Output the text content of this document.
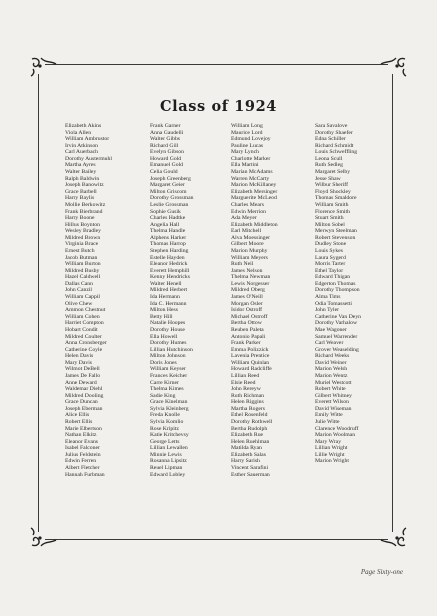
Class of 1924
Elizabeth Akins
Viola Allen
William Ambrustor
Irvin Atkinson
Carl Auerbach
Dorothy Austermuhl
Martha Ayres
Walter Bailey
Ralph Baldwin
Joseph Banowitz
Grace Barbell
Harry Baylis
Mollie Berkowitz
Frank Bierbrand
Harry Boone
Hillus Boynton
Wesley Bradley
Mildred Brown
Virginia Brace
Ernest Butch
Jacob Butman
William Burton
Mildred Busby
Hazel Caldwell
Dallas Cann
John Canzil
William Cappil
Olive Chew
Ammon Chestnut
William Cohen
Harriet Compton
Hobart Condit
Mildred Coulter
Anna Cronsberger
Catherine Coyle
Helen Davis
Mary Davis
Wilmot DeBell
James De Fallo
Anne Deward
Waldemar Diehl
Mildred Dooling
Grace Duncan
Joseph Eberman
Alice Ellis
Robert Ellis
Marie Elbertson
Nathan Elkitz
Eleanor Evans
Isabel Falconer
Julius Feldstein
Edwin Ferren
Albert Fletcher
Hannah Furbman
Frank Garner
Anna Gaudelli
Walter Gibbs
Richard Gill
Evelyn Gibson
Howard Gold
Emanuel Gold
Celia Gould
Joseph Greenberg
Margaret Geier
Milton Griscom
Dorothy Grossman
Leslie Grossman
Sophie Gusik
Charles Hadtke
Angelia Hall
Thelma Handle
Alphens Harker
Thomas Harrop
Stephen Harding
Estelle Hayden
Eleanor Hedrick
Everett Hemphill
Kenny Hendricks
Walter Henell
Mildred Herbert
Ida Hermann
Ida C. Hermann
Milton Hess
Betty Hill
Natalie Hoopes
Dorothy House
Ella Howell
Dorothy Humes
Lillian Hutchinson
Milton Johnson
Doris Jones
William Keyser
Frances Keicher
Carre Kirner
Thelma Kimes
Sadie King
Grace Kinelman
Sylvia Kleinberg
Freda Knolle
Sylvia Komlio
Rose Kripitz
Katie Kritchevsy
George Letts
Lillian Lewallen
Minnie Lewis
Rosanna Lipsitz
Reuel Lipman
Edward Lobley
William Long
Maurice Lord
Edmund Lovejoy
Pauline Lucas
Mary Lynch
Charlotte Marker
Ella Martini
Marian McAdams
Warren McCarty
Marion McKillaney
Elizabeth Mersinger
Marguerite McLeod
Charles Mears
Edwin Merrion
Ada Meyer
Elizabeth Middleton
Earl Mitchell
Alva Moessinger
Gilbert Moore
Marion Murphy
William Meyers
Ruth Neil
James Nelson
Thelma Newman
Lewis Norgesser
Mildred Oberg
James O'Neill
Morgan Osler
Isidor Ostroff
Michael Ostroff
Bertha Ottow
Reuben Paleta
Antonio Papali
Frank Parker
Emma Polizzick
Lavenia Prentice
William Quinlan
Howard Radcliffe
Lillian Reed
Elsie Reed
John Rereyw
Ruth Richman
Helen Riggins
Martha Rogers
Ethel Rosenfeld
Dorothy Rothwell
Bertha Rudolph
Elizabeth Rue
Helen Ruehlman
Matilda Ryan
Elizabeth Salas
Harry Sarish
Vincent Sarafini
Esther Sauerman
Sara Savalove
Dorothy Shaefer
Edna Schiller
Richard Schmidt
Louis Schweffling
Leona Scull
Ruth Sedleg
Margaret Selby
Jesse Shaw
Wilbur Sheriff
Floyd Shockley
Thomas Smaldore
William Smith
Florence Smith
Stuart Smith
Milton Sobel
Merwyn Steelman
Robert Stevenson
Dudley Stone
Louis Sykes
Laura Sygerd
Morris Tarter
Ethel Taylor
Edward Thigan
Edgerton Thomas
Dorothy Thompson
Alma Tims
Odia Tomassetti
John Tyler
Catherine Van Deyn
Dorothy Varhalow
Mae Wagoner
Samuel Warrender
Carl Weaver
Grover Weaselding
Richard Weeks
David Weiner
Marion Welsh
Marion Wentz
Muriel Westcott
Robert White
Gilbert Whitney
Everett Wilson
David Wiseman
Emily Witte
Julie Witte
Clarence Woodruff
Marion Woolman
Mary Wray
Lillian Wright
Lillie Wright
Marion Wright
Page Sixty-one
